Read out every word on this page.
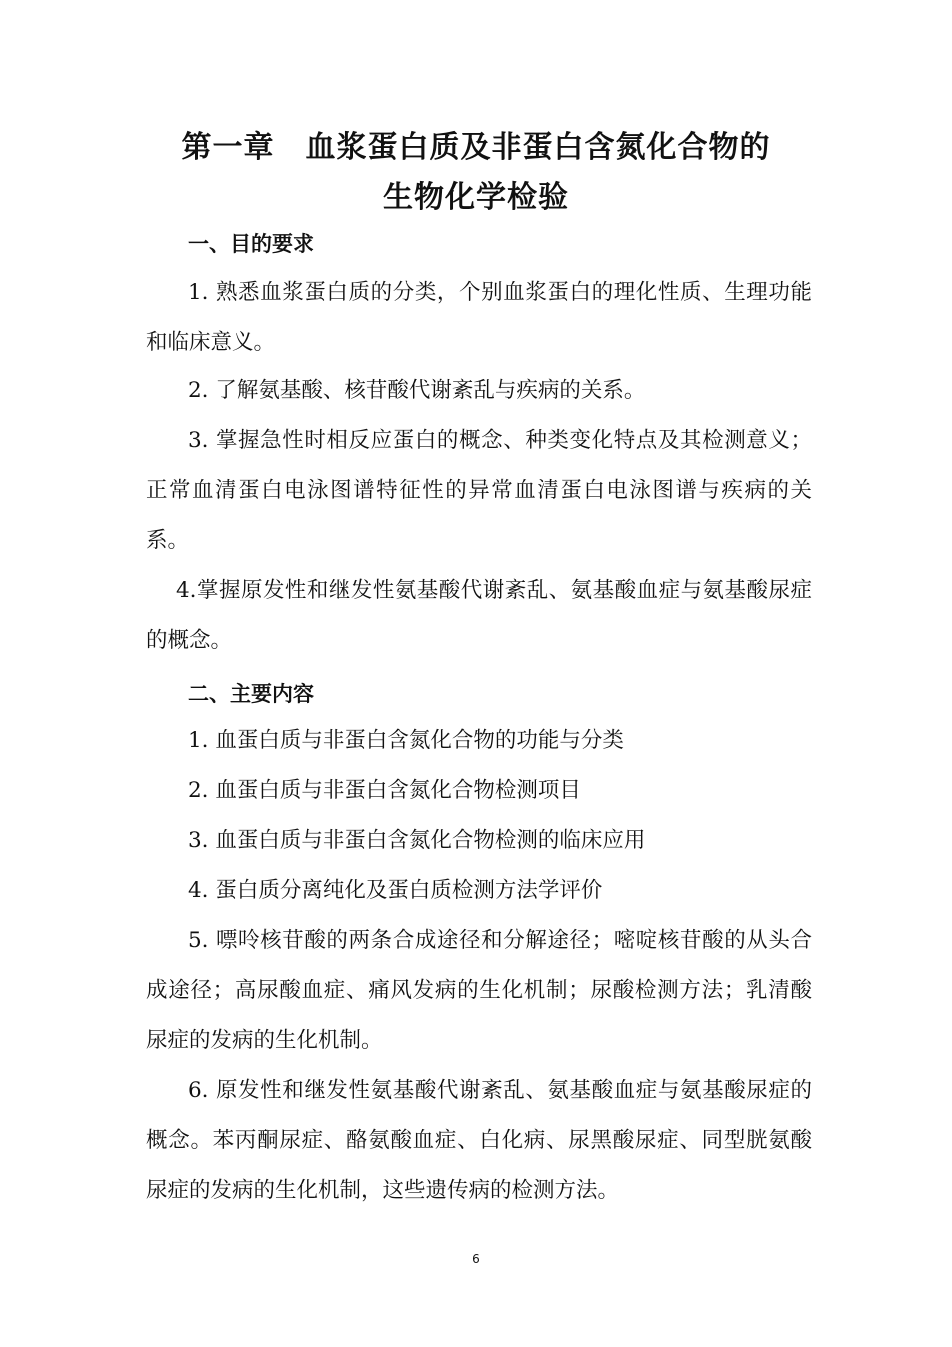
第一章　血浆蛋白质及非蛋白含氮化合物的
生物化学检验
一、目的要求
1. 熟悉血浆蛋白质的分类，个别血浆蛋白的理化性质、生理功能和临床意义。
2. 了解氨基酸、核苷酸代谢紊乱与疾病的关系。
3. 掌握急性时相反应蛋白的概念、种类变化特点及其检测意义；正常血清蛋白电泳图谱特征性的异常血清蛋白电泳图谱与疾病的关系。
4.掌握原发性和继发性氨基酸代谢紊乱、氨基酸血症与氨基酸尿症的概念。
二、主要内容
1. 血蛋白质与非蛋白含氮化合物的功能与分类
2. 血蛋白质与非蛋白含氮化合物检测项目
3. 血蛋白质与非蛋白含氮化合物检测的临床应用
4. 蛋白质分离纯化及蛋白质检测方法学评价
5. 嘌呤核苷酸的两条合成途径和分解途径；嘧啶核苷酸的从头合成途径；高尿酸血症、痛风发病的生化机制；尿酸检测方法；乳清酸尿症的发病的生化机制。
6. 原发性和继发性氨基酸代谢紊乱、氨基酸血症与氨基酸尿症的概念。苯丙酮尿症、酪氨酸血症、白化病、尿黑酸尿症、同型胱氨酸尿症的发病的生化机制，这些遗传病的检测方法。
6
